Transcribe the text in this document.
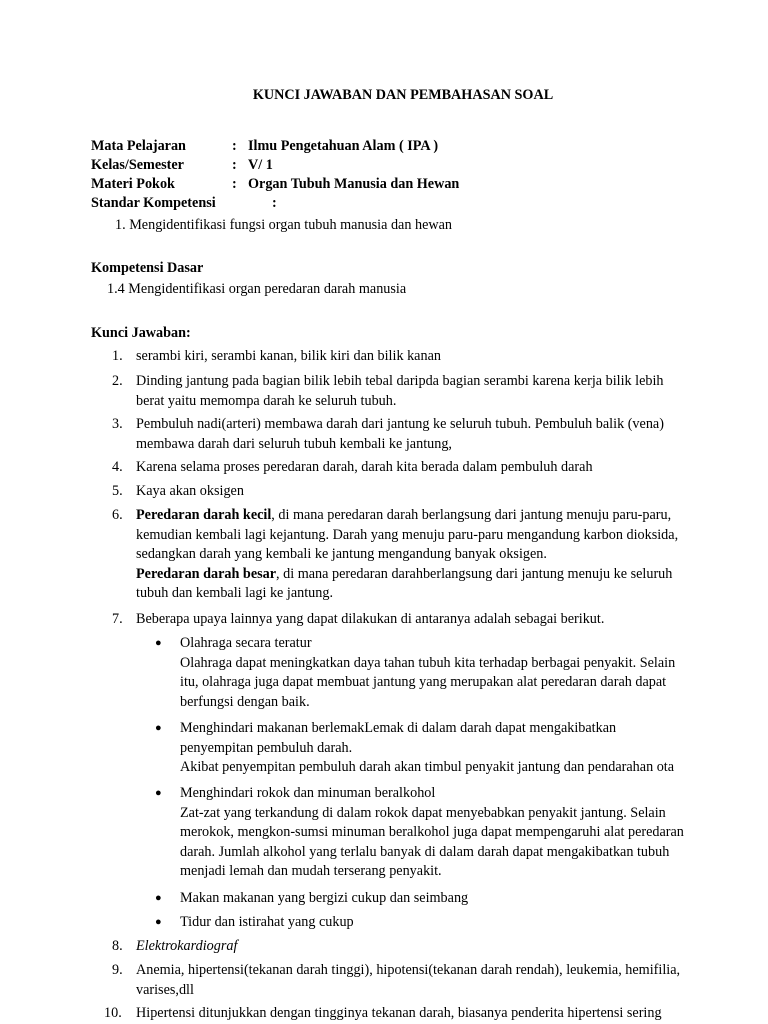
KUNCI JAWABAN DAN PEMBAHASAN SOAL
Mata Pelajaran	: Ilmu Pengetahuan Alam ( IPA )
Kelas/Semester	: V/ 1
Materi Pokok	: Organ Tubuh Manusia dan Hewan
Standar Kompetensi	:
1. Mengidentifikasi fungsi organ tubuh manusia dan hewan
Kompetensi Dasar
1.4 Mengidentifikasi organ peredaran darah manusia
Kunci Jawaban:
1. serambi kiri, serambi kanan, bilik kiri dan bilik kanan
2. Dinding jantung pada bagian bilik lebih tebal daripda bagian serambi karena kerja bilik lebih
berat yaitu memompa darah ke seluruh tubuh.
3. Pembuluh nadi(arteri) membawa darah dari jantung ke seluruh tubuh. Pembuluh balik (vena)
membawa darah dari seluruh tubuh kembali ke jantung,
4. Karena selama proses peredaran darah, darah kita berada dalam pembuluh darah
5. Kaya akan oksigen
6. Peredaran darah kecil, di mana peredaran darah berlangsung dari jantung menuju paru-paru,
kemudian kembali lagi kejantung. Darah yang menuju paru-paru mengandung karbon dioksida,
sedangkan darah yang kembali ke jantung mengandung banyak oksigen.
Peredaran darah besar, di mana peredaran darahberlangsung dari jantung menuju ke seluruh
tubuh dan kembali lagi ke jantung.
7. Beberapa upaya lainnya yang dapat dilakukan di antaranya adalah sebagai berikut.
● Olahraga secara teratur
Olahraga dapat meningkatkan daya tahan tubuh kita terhadap berbagai penyakit. Selain
itu, olahraga juga dapat membuat jantung yang merupakan alat peredaran darah dapat
berfungsi dengan baik.
● Menghindari makanan berlemakLemak di dalam darah dapat mengakibatkan
penyempitan pembuluh darah.
Akibat penyempitan pembuluh darah akan timbul penyakit jantung dan pendarahan ota
● Menghindari rokok dan minuman beralkohol
Zat-zat yang terkandung di dalam rokok dapat menyebabkan penyakit jantung. Selain
merokok, mengkon-sumsi minuman beralkohol juga dapat mempengaruhi alat peredaran
darah. Jumlah alkohol yang terlalu banyak di dalam darah dapat mengakibatkan tubuh
menjadi lemah dan mudah terserang penyakit.
● Makan makanan yang bergizi cukup dan seimbang
● Tidur dan istirahat yang cukup
8. Elektrokardiograf
9. Anemia, hipertensi(tekanan darah tinggi), hipotensi(tekanan darah rendah), leukemia, hemifilia,
varises,dll
10. Hipertensi ditunjukkan dengan tingginya tekanan darah, biasanya penderita hipertensi sering
